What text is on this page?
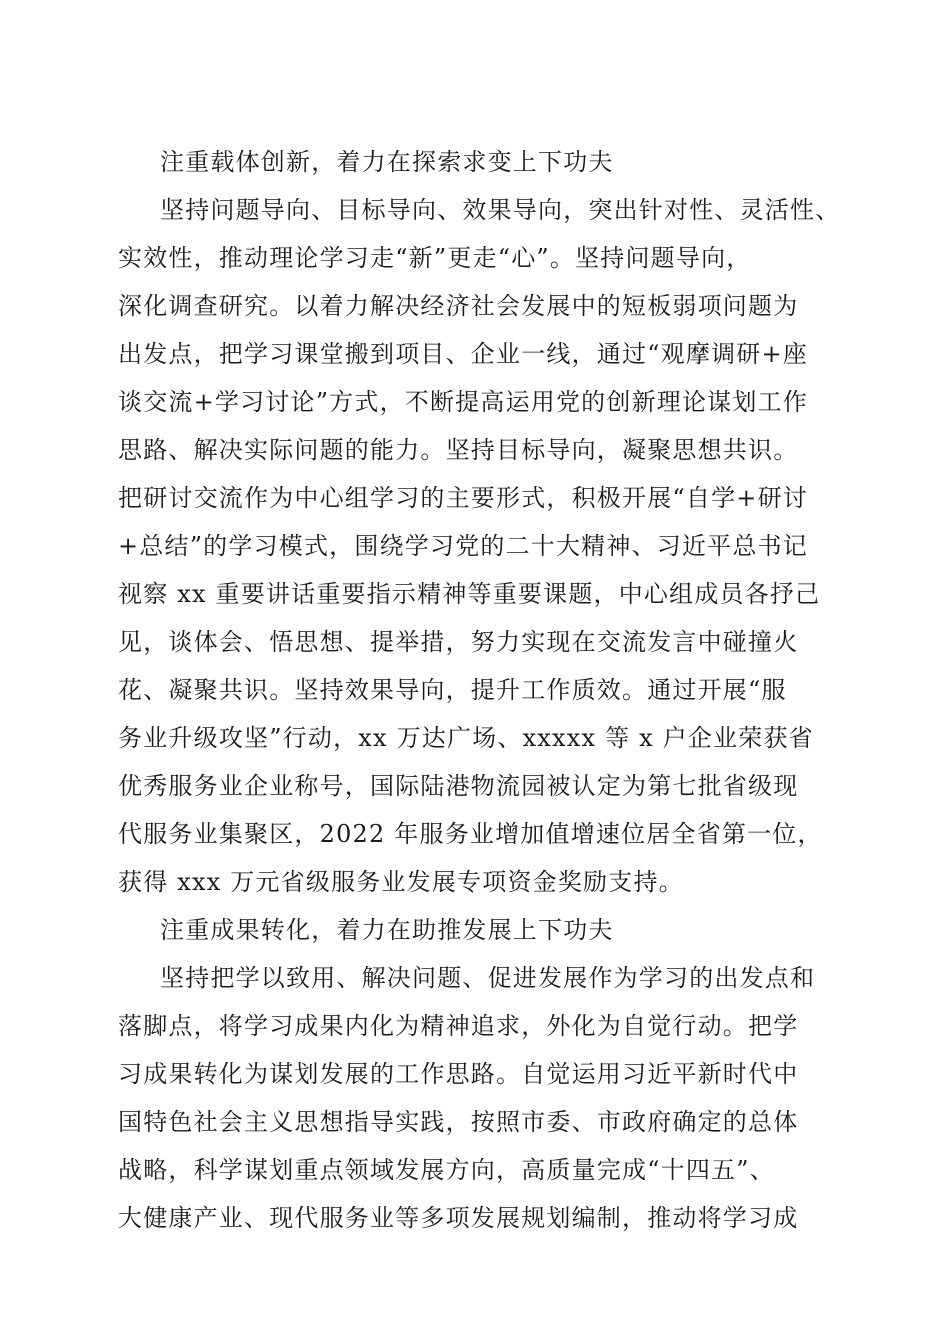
注重载体创新，着力在探索求变上下功夫
坚持问题导向、目标导向、效果导向，突出针对性、灵活性、
实效性，推动理论学习走“新”更走“心”。坚持问题导向，
深化调查研究。以着力解决经济社会发展中的短板弱项问题为
出发点，把学习课堂搬到项目、企业一线，通过“观摩调研+座
谈交流+学习讨论”方式，不断提高运用党的创新理论谋划工作
思路、解决实际问题的能力。坚持目标导向，凝聚思想共识。
把研讨交流作为中心组学习的主要形式，积极开展“自学+研讨
+总结”的学习模式，围绕学习党的二十大精神、习近平总书记
视察 xx 重要讲话重要指示精神等重要课题，中心组成员各抒己
见，谈体会、悟思想、提举措，努力实现在交流发言中碰撞火
花、凝聚共识。坚持效果导向，提升工作质效。通过开展“服
务业升级攻坚”行动，xx 万达广场、xxxxx 等 x 户企业荣获省
优秀服务业企业称号，国际陆港物流园被认定为第七批省级现
代服务业集聚区，2022 年服务业增加值增速位居全省第一位，
获得 xxx 万元省级服务业发展专项资金奖励支持。
注重成果转化，着力在助推发展上下功夫
坚持把学以致用、解决问题、促进发展作为学习的出发点和
落脚点，将学习成果内化为精神追求，外化为自觉行动。把学
习成果转化为谋划发展的工作思路。自觉运用习近平新时代中
国特色社会主义思想指导实践，按照市委、市政府确定的总体
战略，科学谋划重点领域发展方向，高质量完成“十四五”、
大健康产业、现代服务业等多项发展规划编制，推动将学习成
